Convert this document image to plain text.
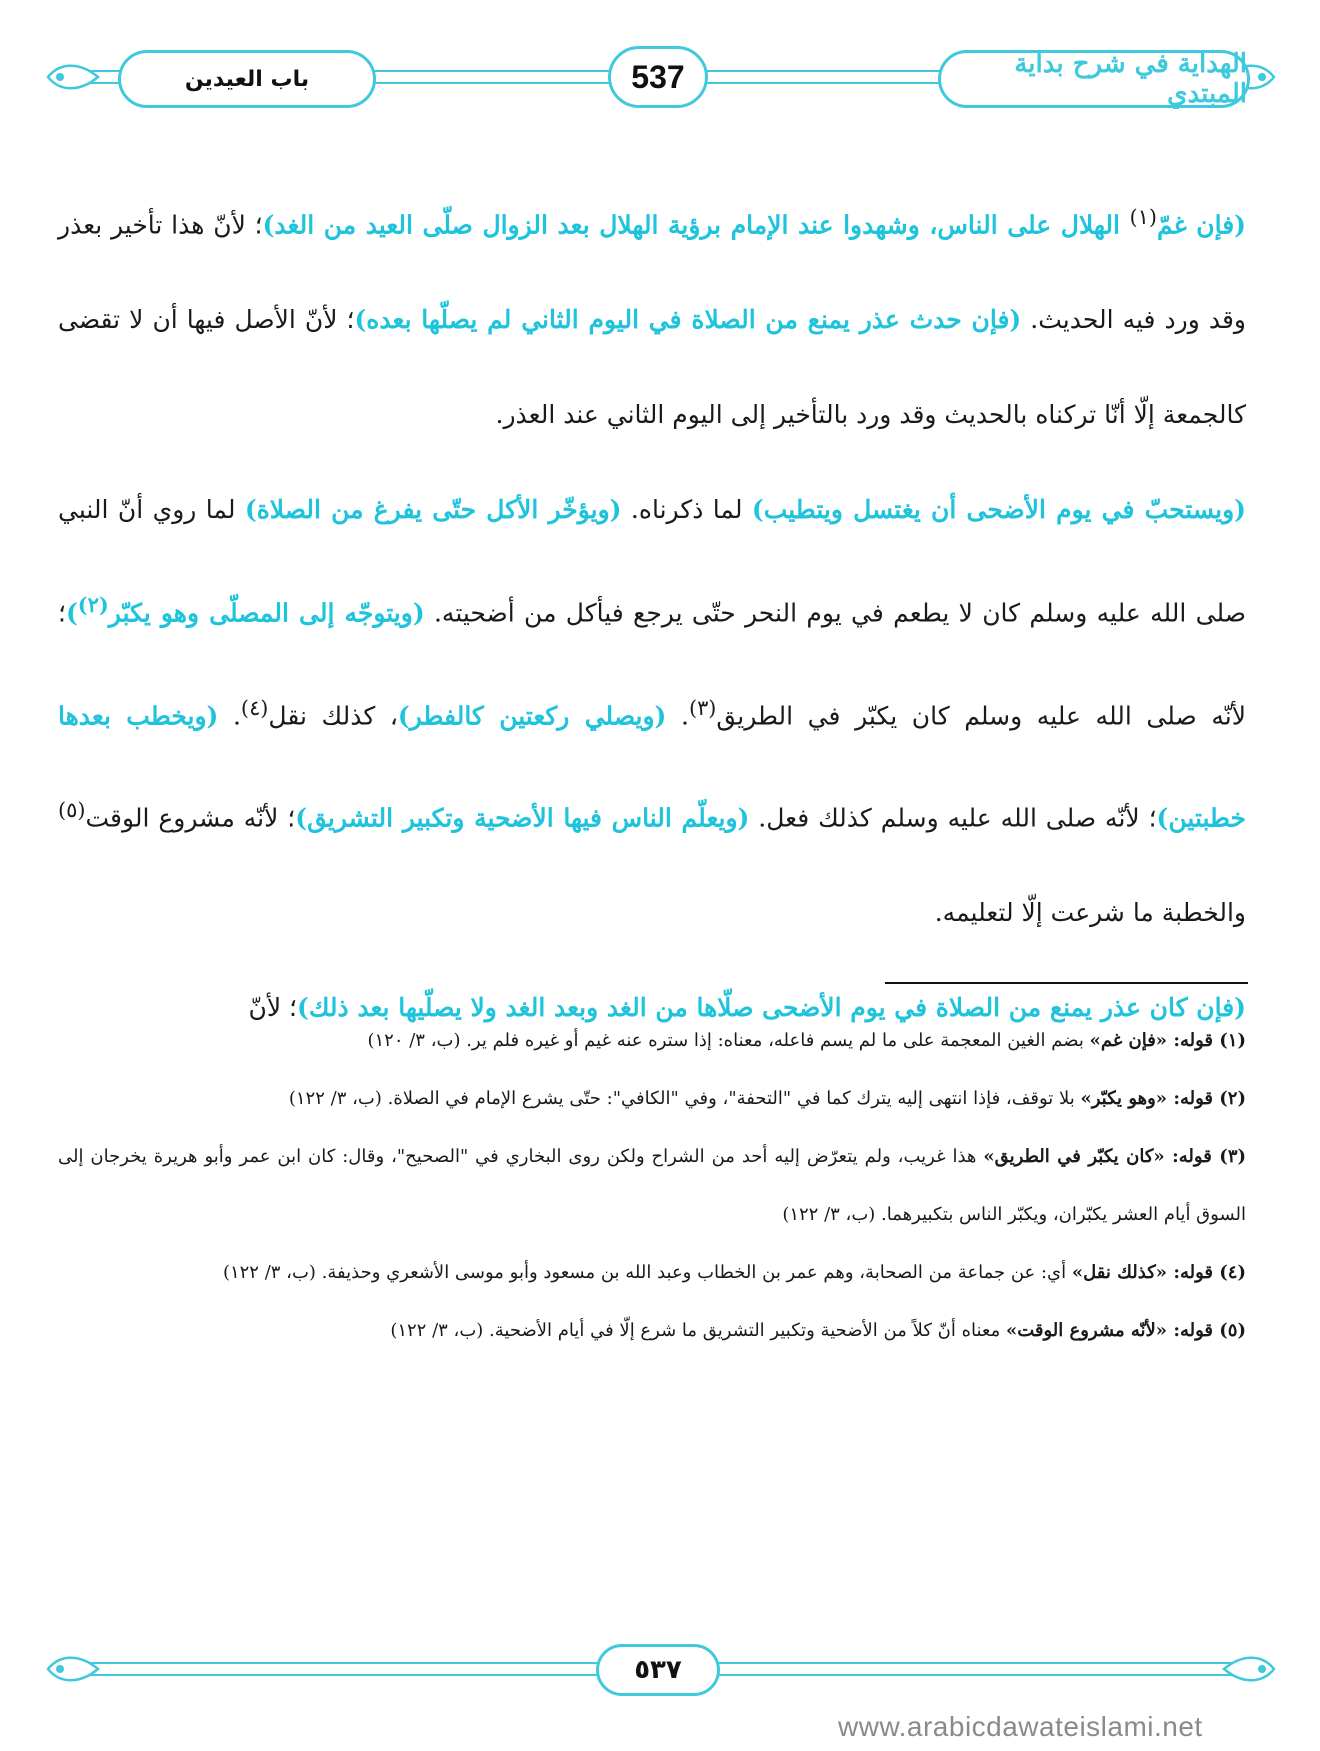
باب العيدين	537	الهداية في شرح بداية المبتدي

(فإن غمّ$^{(١)}$ الهلال على الناس، وشهدوا عند الإمام برؤية الهلال بعد الزوال صلّى العيد من الغد)؛ لأنّ هذا تأخير بعذر وقد ورد فيه الحديث. (فإن حدث عذر يمنع من الصلاة في اليوم الثاني لم يصلّها بعده)؛ لأنّ الأصل فيها أن لا تقضى كالجمعة إلّا أنّا تركناه بالحديث وقد ورد بالتأخير إلى اليوم الثاني عند العذر.

(ويستحبّ في يوم الأضحى أن يغتسل ويتطيب) لما ذكرناه. (ويؤخّر الأكل حتّى يفرغ من الصلاة) لما روي أنّ النبي صلى الله عليه وسلم كان لا يطعم في يوم النحر حتّى يرجع فيأكل من أضحيته. (ويتوجّه إلى المصلّى وهو يكبّر$^{(٢)}$)؛ لأنّه صلى الله عليه وسلم كان يكبّر في الطريق$^{(٣)}$. (ويصلي ركعتين كالفطر)، كذلك نقل$^{(٤)}$. (ويخطب بعدها خطبتين)؛ لأنّه صلى الله عليه وسلم كذلك فعل. (ويعلّم الناس فيها الأضحية وتكبير التشريق)؛ لأنّه مشروع الوقت$^{(٥)}$ والخطبة ما شرعت إلّا لتعليمه.

(فإن كان عذر يمنع من الصلاة في يوم الأضحى صلّاها من الغد وبعد الغد ولا يصلّيها بعد ذلك)؛ لأنّ

(١) قوله: «فإن غم» بضم الغين المعجمة على ما لم يسم فاعله، معناه: إذا ستره عنه غيم أو غيره فلم ير. (ب، ٣/ ١٢٠)
(٢) قوله: «وهو يكبّر» بلا توقف، فإذا انتهى إليه يترك كما في "التحفة"، وفي "الكافي": حتّى يشرع الإمام في الصلاة. (ب، ٣/ ١٢٢)
(٣) قوله: «كان يكبّر في الطريق» هذا غريب، ولم يتعرّض إليه أحد من الشراح ولكن روى البخاري في "الصحيح"، وقال: كان ابن عمر وأبو هريرة يخرجان إلى السوق أيام العشر يكبّران، ويكبّر الناس بتكبيرهما. (ب، ٣/ ١٢٢)
(٤) قوله: «كذلك نقل» أي: عن جماعة من الصحابة، وهم عمر بن الخطاب وعبد الله بن مسعود وأبو موسى الأشعري وحذيفة. (ب، ٣/ ١٢٢)
(٥) قوله: «لأنّه مشروع الوقت» معناه أنّ كلاً من الأضحية وتكبير التشريق ما شرع إلّا في أيام الأضحية. (ب، ٣/ ١٢٢)
٥٣٧
www.arabicdawateislami.net
